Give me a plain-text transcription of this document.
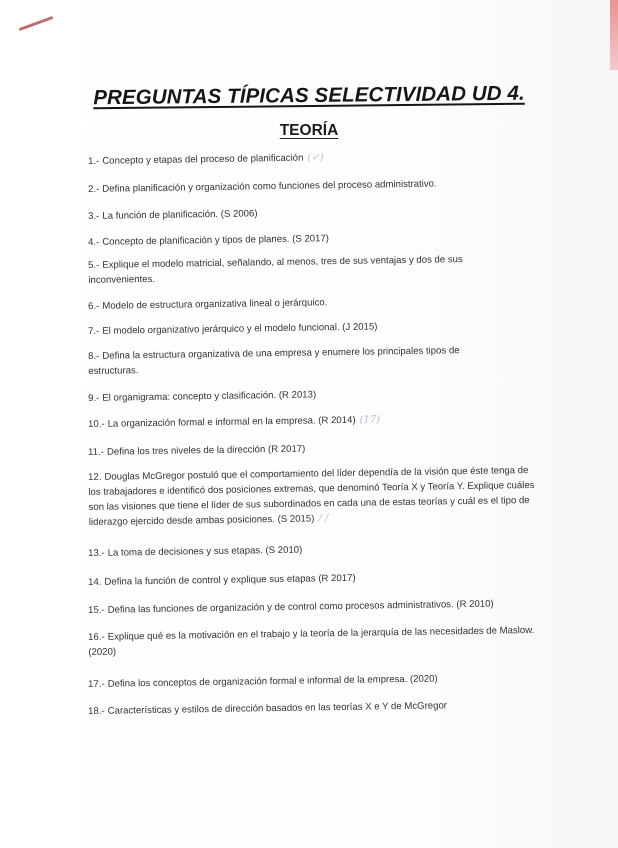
PREGUNTAS TÍPICAS SELECTIVIDAD UD 4.
TEORÍA
1.- Concepto y etapas del proceso de planificación (✓)
2.- Defina planificación y organización como funciones del proceso administrativo.
3.- La función de planificación. (S 2006)
4.- Concepto de planificación y tipos de planes. (S 2017)
5.- Explique el modelo matricial, señalando, al menos, tres de sus ventajas y dos de sus inconvenientes.
6.- Modelo de estructura organizativa lineal o jerárquico.
7.- El modelo organizativo jerárquico y el modelo funcional. (J 2015)
8.- Defina la estructura organizativa de una empresa y enumere los principales tipos de estructuras.
9.- El organigrama: concepto y clasificación. (R 2013)
10.- La organización formal e informal en la empresa. (R 2014) (17)
11.- Defina los tres niveles de la dirección (R 2017)
12. Douglas McGregor postuló que el comportamiento del líder dependía de la visión que éste tenga de los trabajadores e identificó dos posiciones extremas, que denominó Teoría X y Teoría Y. Explique cuáles son las visiones que tiene el líder de sus subordinados en cada una de estas teorías y cuál es el tipo de liderazgo ejercido desde ambas posiciones. (S 2015) / /
13.- La toma de decisiones y sus etapas. (S 2010)
14. Defina la función de control y explique sus etapas (R 2017)
15.- Defina las funciones de organización y de control como procesos administrativos. (R 2010)
16.- Explique qué es la motivación en el trabajo y la teoría de la jerarquía de las necesidades de Maslow. (2020)
17.- Defina los conceptos de organización formal e informal de la empresa. (2020)
18.- Características y estilos de dirección basados en las teorías X e Y de McGregor
